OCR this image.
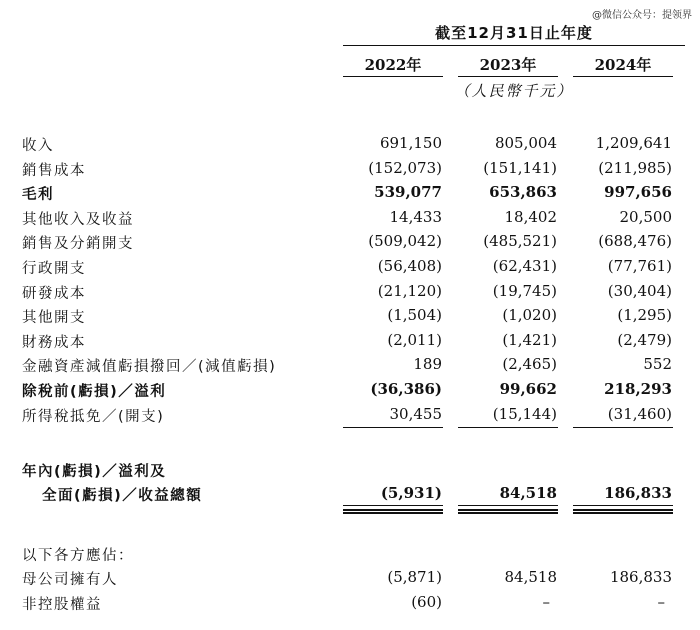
@微信公众号：提领界
截至12月31日止年度
2022年	2023年	2024年
（人民幣千元）
收入	691,150	805,004	1,209,641
銷售成本	(152,073)	(151,141)	(211,985)
毛利	539,077	653,863	997,656
其他收入及收益	14,433	18,402	20,500
銷售及分銷開支	(509,042)	(485,521)	(688,476)
行政開支	(56,408)	(62,431)	(77,761)
研發成本	(21,120)	(19,745)	(30,404)
其他開支	(1,504)	(1,020)	(1,295)
財務成本	(2,011)	(1,421)	(2,479)
金融資產減值虧損撥回／(減值虧損)	189	(2,465)	552
除稅前(虧損)／溢利	(36,386)	99,662	218,293
所得稅抵免／(開支)	30,455	(15,144)	(31,460)
年內(虧損)／溢利及
全面(虧損)／收益總額	(5,931)	84,518	186,833
以下各方應佔：
母公司擁有人	(5,871)	84,518	186,833
非控股權益	(60)	–	–
